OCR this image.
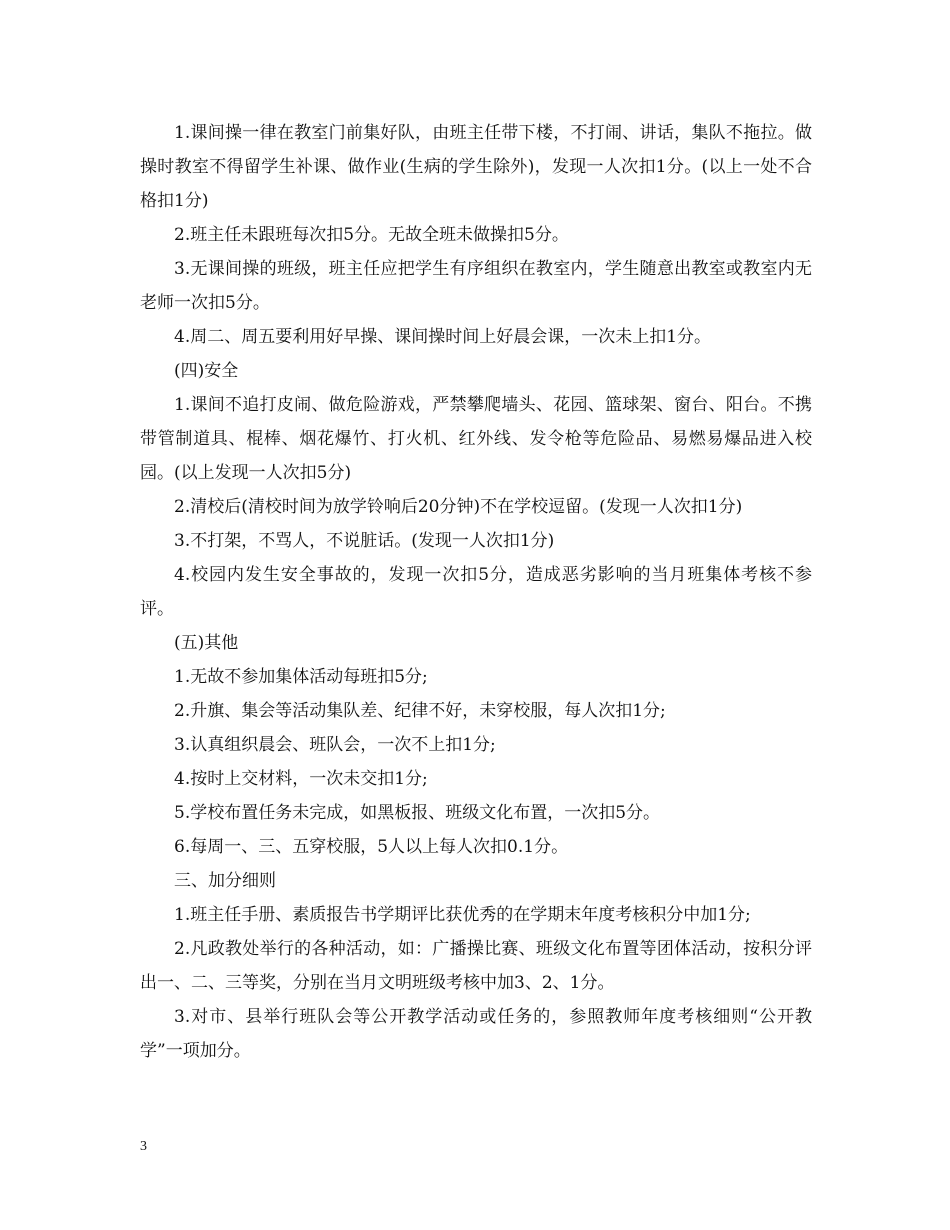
1.课间操一律在教室门前集好队，由班主任带下楼，不打闹、讲话，集队不拖拉。做操时教室不得留学生补课、做作业(生病的学生除外)，发现一人次扣1分。(以上一处不合格扣1分)

2.班主任未跟班每次扣5分。无故全班未做操扣5分。

3.无课间操的班级，班主任应把学生有序组织在教室内，学生随意出教室或教室内无老师一次扣5分。

4.周二、周五要利用好早操、课间操时间上好晨会课，一次未上扣1分。

(四)安全

1.课间不追打皮闹、做危险游戏，严禁攀爬墙头、花园、篮球架、窗台、阳台。不携带管制道具、棍棒、烟花爆竹、打火机、红外线、发令枪等危险品、易燃易爆品进入校园。(以上发现一人次扣5分)

2.清校后(清校时间为放学铃响后20分钟)不在学校逗留。(发现一人次扣1分)

3.不打架，不骂人，不说脏话。(发现一人次扣1分)

4.校园内发生安全事故的，发现一次扣5分，造成恶劣影响的当月班集体考核不参评。

(五)其他

1.无故不参加集体活动每班扣5分;

2.升旗、集会等活动集队差、纪律不好，未穿校服，每人次扣1分;

3.认真组织晨会、班队会，一次不上扣1分;

4.按时上交材料，一次未交扣1分;

5.学校布置任务未完成，如黑板报、班级文化布置，一次扣5分。

6.每周一、三、五穿校服，5人以上每人次扣0.1分。

三、加分细则

1.班主任手册、素质报告书学期评比获优秀的在学期末年度考核积分中加1分;

2.凡政教处举行的各种活动，如：广播操比赛、班级文化布置等团体活动，按积分评出一、二、三等奖，分别在当月文明班级考核中加3、2、1分。

3.对市、县举行班队会等公开教学活动或任务的，参照教师年度考核细则“公开教学”一项加分。

3
